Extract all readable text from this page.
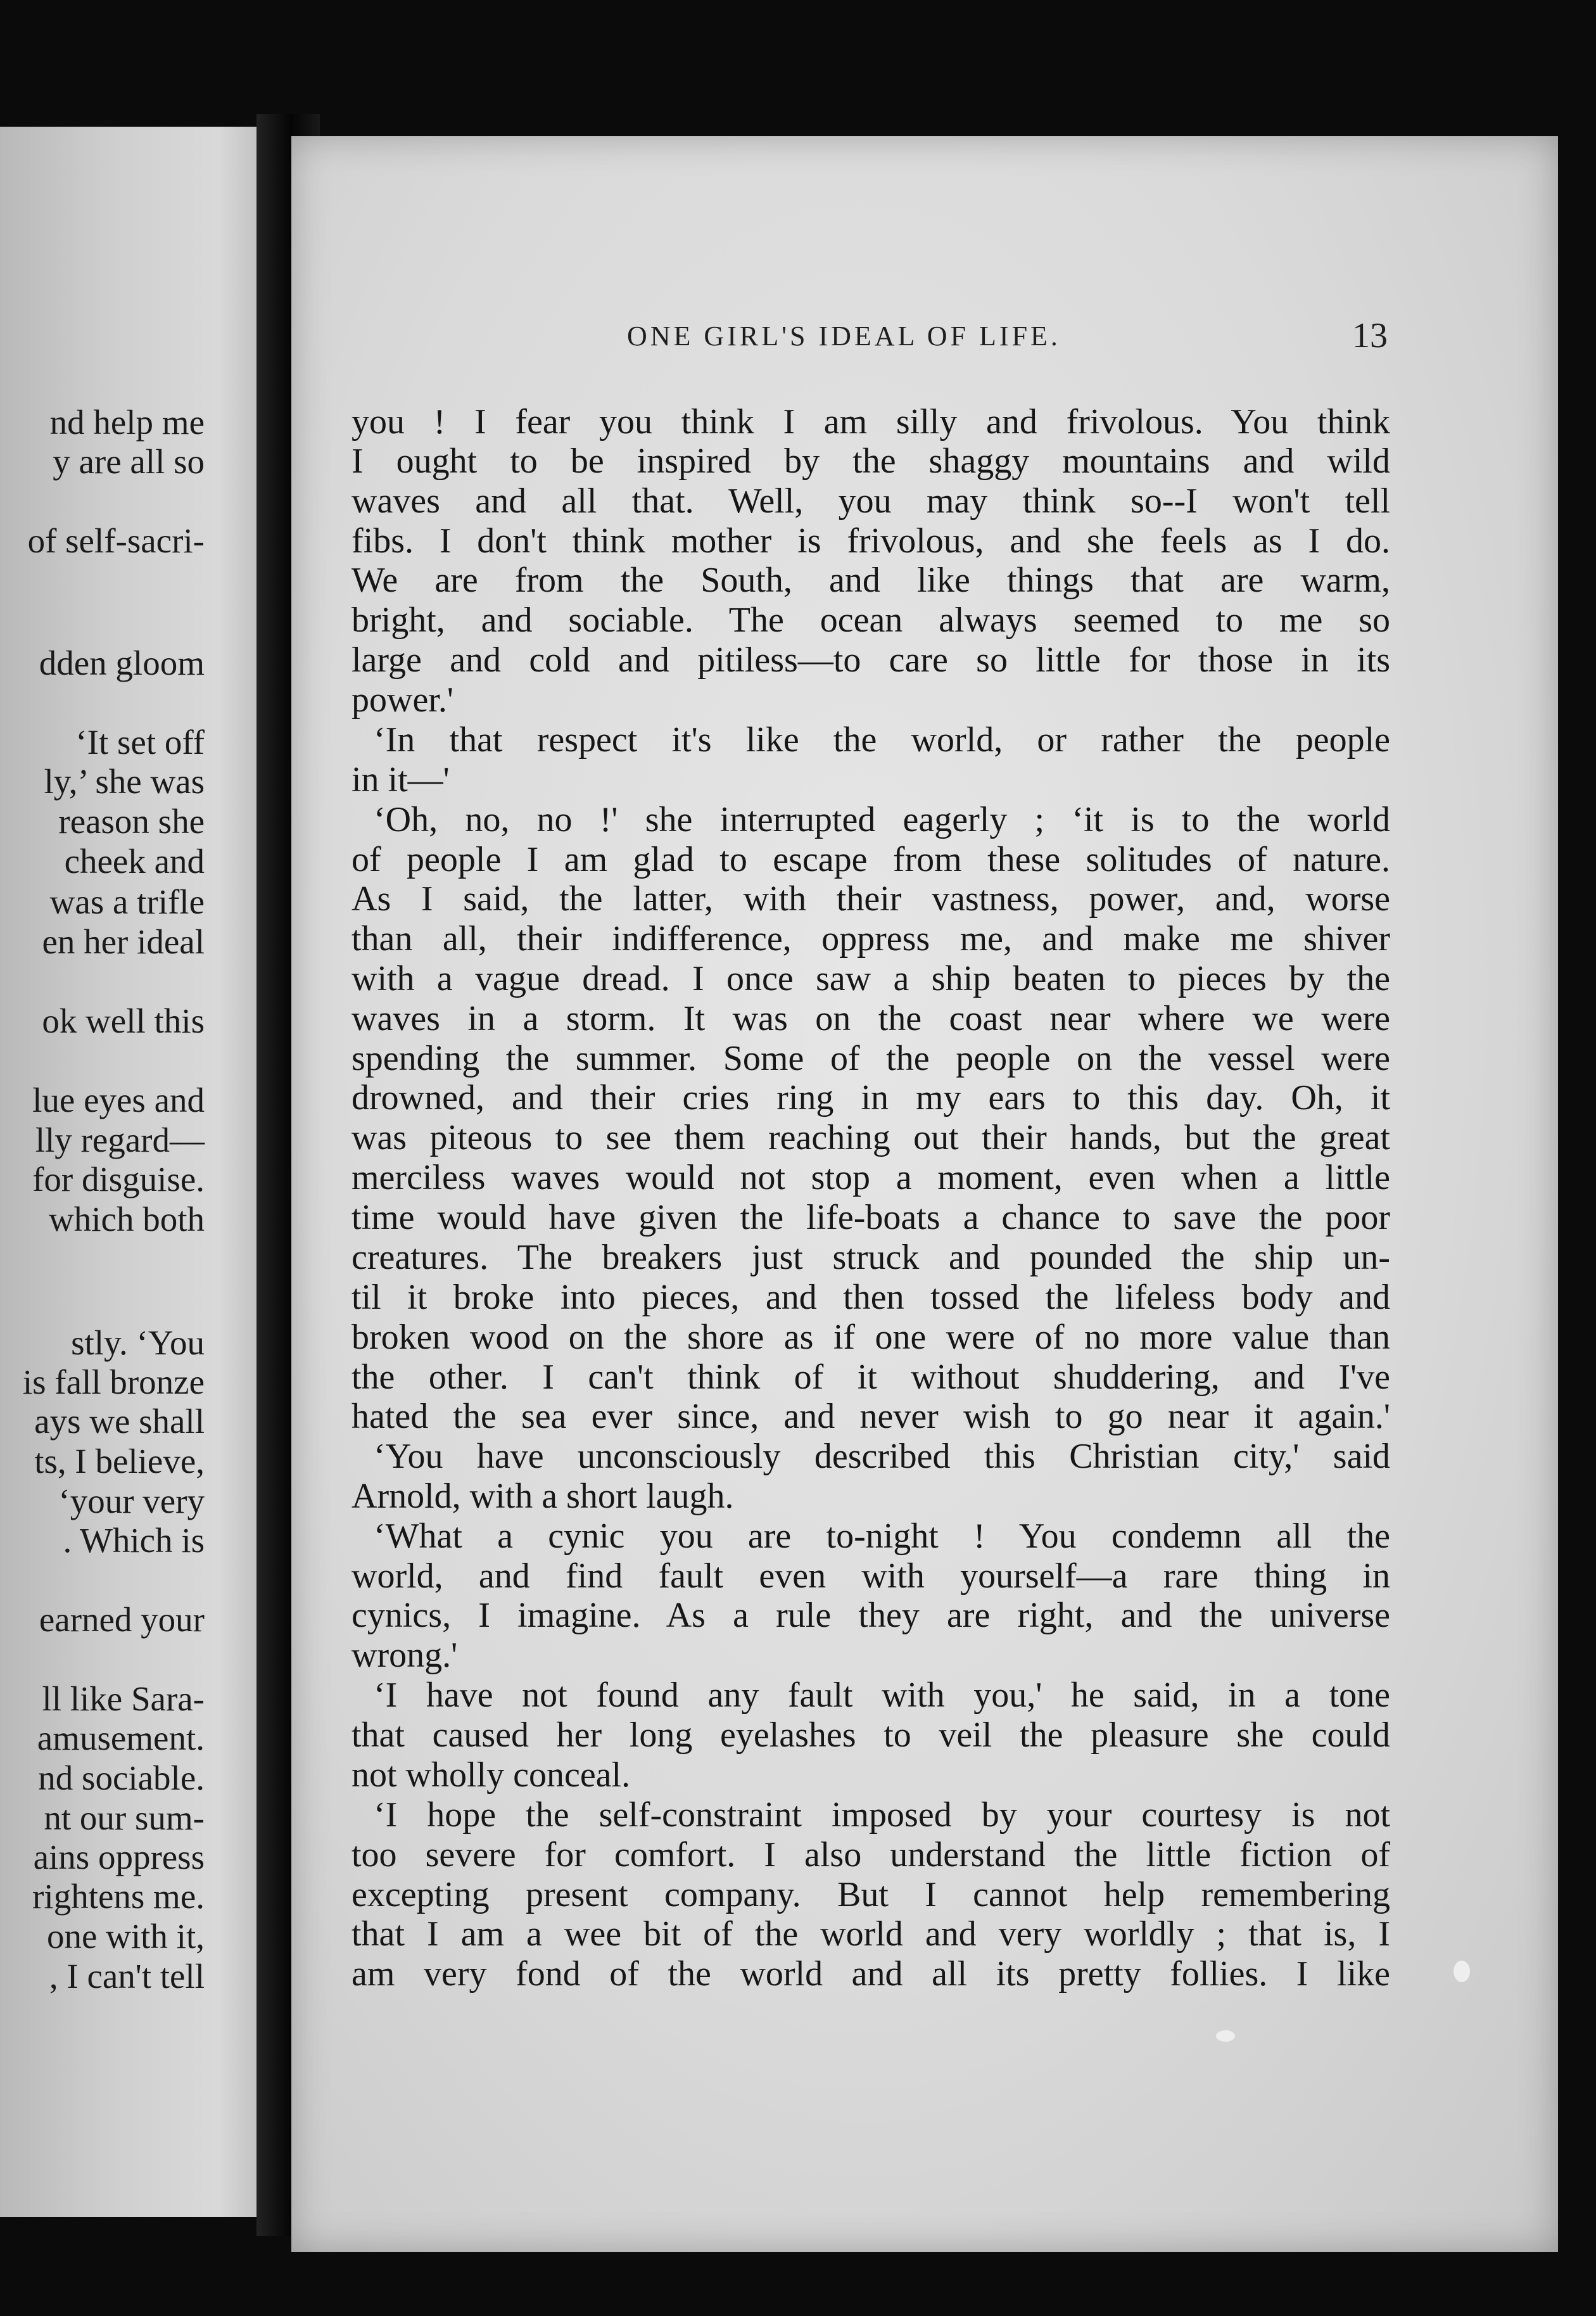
nd help me
y are all so
of self-sacri-
dden gloom
‘It set off
ly,’ she was
reason she
cheek and
was a trifle
en her ideal
ok well this
lue eyes and
lly regard—
for disguise.
which both
stly. ‘You
is fall bronze
ays we shall
ts, I believe,
‘your very
. Which is
earned your
ll like Sara-
amusement.
nd sociable.
nt our sum-
ains oppress
rightens me.
one with it,
, I can't tell
ONE GIRL'S IDEAL OF LIFE.	13
you ! I fear you think I am silly and frivolous. You think
I ought to be inspired by the shaggy mountains and wild
waves and all that. Well, you may think so--I won't tell
fibs. I don't think mother is frivolous, and she feels as I do.
We are from the South, and like things that are warm,
bright, and sociable. The ocean always seemed to me so
large and cold and pitiless—to care so little for those in its
power.'
‘In that respect it's like the world, or rather the people
in it—'
‘Oh, no, no !' she interrupted eagerly ; ‘it is to the world
of people I am glad to escape from these solitudes of nature.
As I said, the latter, with their vastness, power, and, worse
than all, their indifference, oppress me, and make me shiver
with a vague dread. I once saw a ship beaten to pieces by the
waves in a storm. It was on the coast near where we were
spending the summer. Some of the people on the vessel were
drowned, and their cries ring in my ears to this day. Oh, it
was piteous to see them reaching out their hands, but the great
merciless waves would not stop a moment, even when a little
time would have given the life-boats a chance to save the poor
creatures. The breakers just struck and pounded the ship un-
til it broke into pieces, and then tossed the lifeless body and
broken wood on the shore as if one were of no more value than
the other. I can't think of it without shuddering, and I've
hated the sea ever since, and never wish to go near it again.'
‘You have unconsciously described this Christian city,' said
Arnold, with a short laugh.
‘What a cynic you are to-night ! You condemn all the
world, and find fault even with yourself—a rare thing in
cynics, I imagine. As a rule they are right, and the universe
wrong.'
‘I have not found any fault with you,' he said, in a tone
that caused her long eyelashes to veil the pleasure she could
not wholly conceal.
‘I hope the self-constraint imposed by your courtesy is not
too severe for comfort. I also understand the little fiction of
excepting present company. But I cannot help remembering
that I am a wee bit of the world and very worldly ; that is, I
am very fond of the world and all its pretty follies. I like
